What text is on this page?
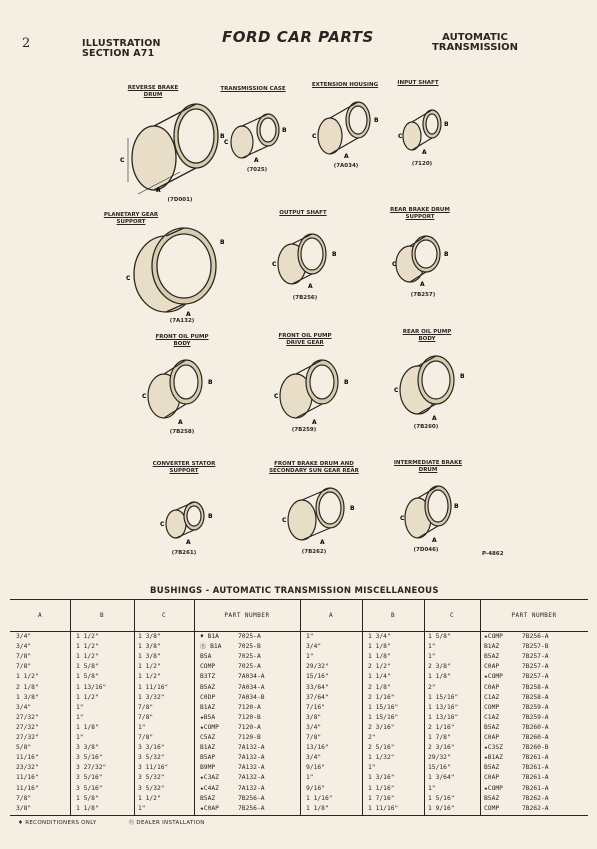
2	ILLUSTRATION
SECTION A71
FORD CAR PARTS	AUTOMATIC
TRANSMISSION
REVERSE BRAKE
DRUM
(7D001)
TRANSMISSION CASE
(7025)
EXTENSION HOUSING
(7A034)
INPUT SHAFT
(7120)
PLANETARY GEAR
SUPPORT
(7A132)
OUTPUT SHAFT
(7B256)
REAR BRAKE DRUM
SUPPORT
(7B257)
FRONT OIL PUMP
BODY
(7B258)
FRONT OIL PUMP
DRIVE GEAR
(7B259)
REAR OIL PUMP
BODY
(7B260)
CONVERTER STATOR
SUPPORT
(7B261)
FRONT BRAKE DRUM AND
SECONDARY SUN GEAR REAR
(7B262)
INTERMEDIATE BRAKE
DRUM
(7D046)
P-4862
C
A
B
C
A
B
C
A
B
C
A
B
C
A
B
C
A
B
C
A
B
C
A
B
C
A
B
C
A
B
C
A
B
C
A
B
C
A
B
BUSHINGS - AUTOMATIC TRANSMISSION MISCELLANEOUS
A	B	C	PART NUMBER	A	B	C	PART NUMBER
3/4"	1 1/2"	1 3/8"	♦ B1A	7025-A	1"	1 3/4"	1 5/8"	★COMP	7B256-A
3/4"	1 1/2"	1 3/8"	Ⓡ B1A	7025-B	3/4"	1 1/8"	1"	B1AZ	7B257-B
7/8"	1 1/2"	1 3/8"	B5A	7025-A	1"	1 1/8"	1"	B5AZ	7B257-A
7/8"	1 5/8"	1 1/2"	COMP	7025-A	29/32"	2 1/2"	2 3/8"	C0AP	7B257-A
1 1/2"	1 5/8"	1 1/2"	B3TZ	7A034-A	15/16"	1 1/4"	1 1/8"	★COMP	7B257-A
2 1/8"	1 13/16"	1 11/16"	B5AZ	7A034-A	33/64"	2 1/8"	2"	C0AP	7B258-A
1 3/8"	1 1/2"	1 3/32"	C0DP	7A034-B	37/64"	2 1/16"	1 15/16"	C1AZ	7B258-A
3/4"	1"	7/8"	B1AZ	7120-A	7/16"	1 15/16"	1 13/16"	COMP	7B259-A
27/32"	1"	7/8"	★B5A	7120-B	3/8"	1 15/16"	1 13/16"	C1AZ	7B259-A
27/32"	1 1/8"	1"	★COMP	7120-A	3/4"	2 3/16"	2 1/16"	B5AZ	7B260-A
27/32"	1"	7/8"	C5AZ	7120-B	7/8"	2"	1 7/8"	C0AP	7B260-A
5/8"	3 3/8"	3 3/16"	B1AZ	7A132-A	13/16"	2 5/16"	2 3/16"	★C3SZ	7B260-B
11/16"	3 5/16"	3 5/32"	B5AP	7A132-A	3/4"	1 1/32"	29/32"	★B1AZ	7B261-A
23/32"	3 27/32"	3 11/16"	B9MP	7A132-A	9/16"	1"	15/16"	B5AZ	7B261-A
11/16"	3 5/16"	3 5/32"	★C3AZ	7A132-A	1"	1 3/16"	1 3/64"	C0AP	7B261-A
11/16"	3 5/16"	3 5/32"	★C4AZ	7A132-A	9/16"	1 1/16"	1"	★COMP	7B261-A
7/8"	1 5/8"	1 1/2"	B5AZ	7B256-A	1 1/16"	1 7/16"	1 5/16"	B5AZ	7B262-A
3/8"	1 1/8"	1"	★C0AP	7B256-A	1 1/8"	1 11/16"	1 9/16"	COMP	7B262-A
♦ RECONDITIONERS ONLY	Ⓡ DEALER INSTALLATION
